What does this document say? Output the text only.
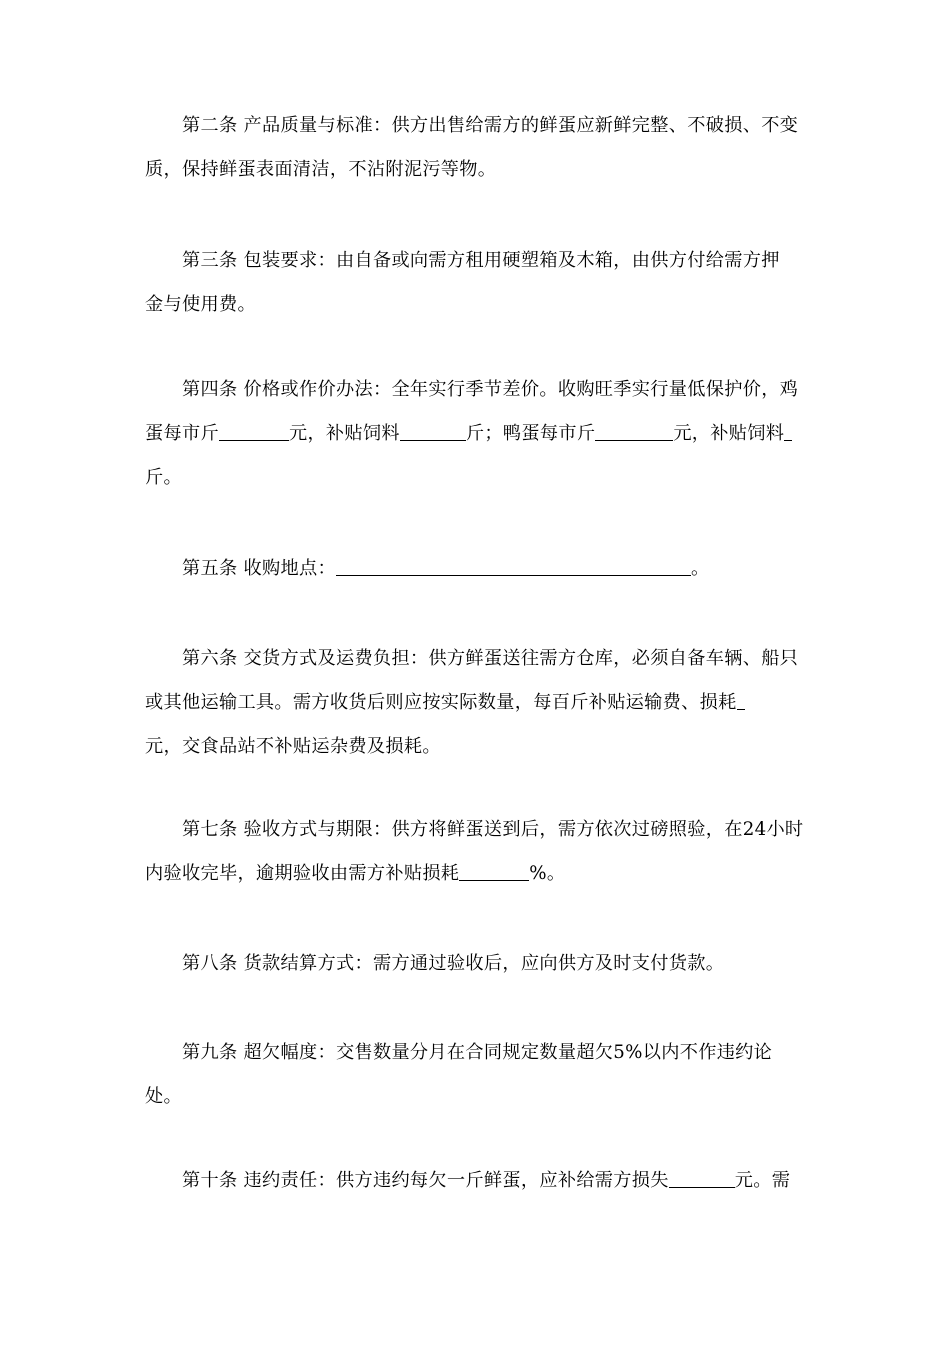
第二条 产品质量与标准：供方出售给需方的鲜蛋应新鲜完整、不破损、不变
质，保持鲜蛋表面清洁，不沾附泥污等物。
第三条 包装要求：由自备或向需方租用硬塑箱及木箱，由供方付给需方押
金与使用费。
第四条 价格或作价办法：全年实行季节差价。收购旺季实行量低保护价，鸡
蛋每市斤	元，补贴饲料	斤；鸭蛋每市斤	元，补贴饲料
斤。
第五条 收购地点：	。
第六条 交货方式及运费负担：供方鲜蛋送往需方仓库，必须自备车辆、船只
或其他运输工具。需方收货后则应按实际数量，每百斤补贴运输费、损耗
元，交食品站不补贴运杂费及损耗。
第七条 验收方式与期限：供方将鲜蛋送到后，需方依次过磅照验，在24小时
内验收完毕，逾期验收由需方补贴损耗	%。
第八条 货款结算方式：需方通过验收后，应向供方及时支付货款。
第九条 超欠幅度：交售数量分月在合同规定数量超欠5%以内不作违约论
处。
第十条 违约责任：供方违约每欠一斤鲜蛋，应补给需方损失	元。需
